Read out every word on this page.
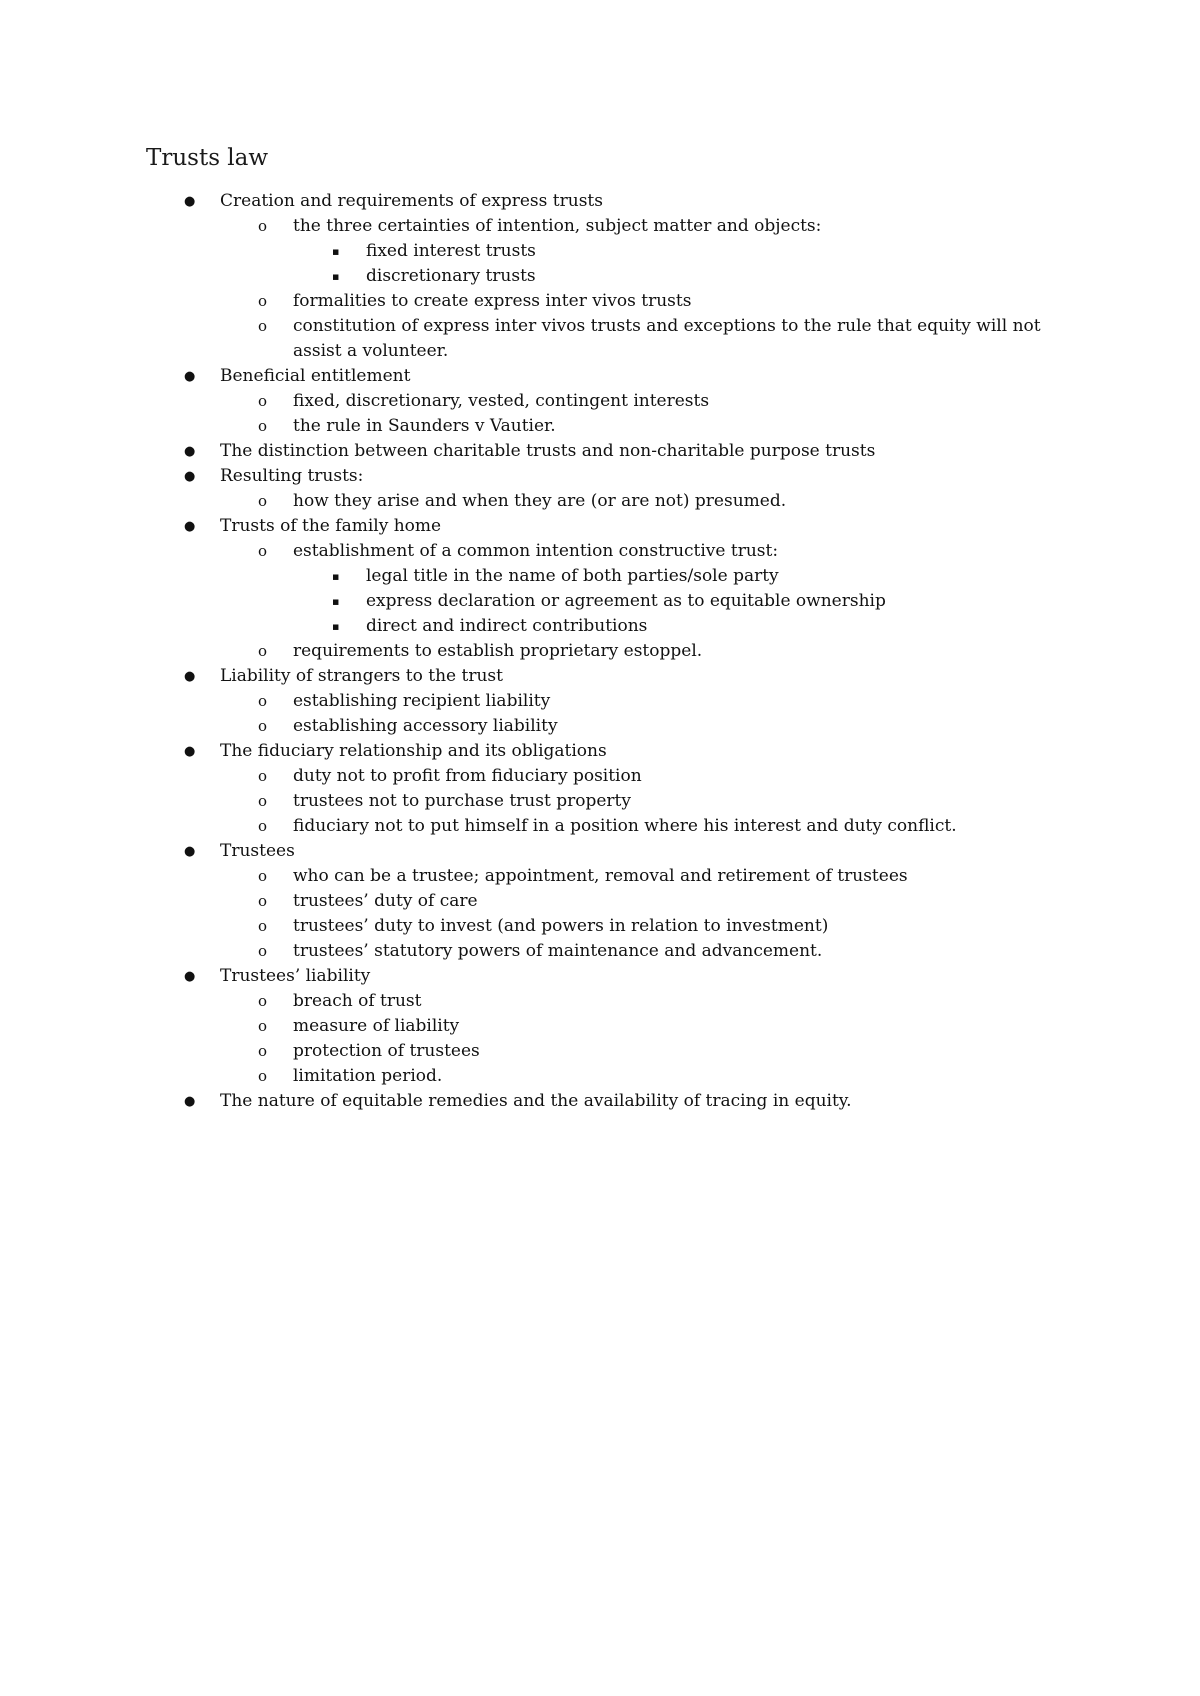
Trusts law
●	Creation and requirements of express trusts
o	the three certainties of intention, subject matter and objects:
▪	fixed interest trusts
▪	discretionary trusts
o	formalities to create express inter vivos trusts
o	constitution of express inter vivos trusts and exceptions to the rule that equity will not assist a volunteer.
●	Beneficial entitlement
o	fixed, discretionary, vested, contingent interests
o	the rule in Saunders v Vautier.
●	The distinction between charitable trusts and non-charitable purpose trusts
●	Resulting trusts:
o	how they arise and when they are (or are not) presumed.
●	Trusts of the family home
o	establishment of a common intention constructive trust:
▪	legal title in the name of both parties/sole party
▪	express declaration or agreement as to equitable ownership
▪	direct and indirect contributions
o	requirements to establish proprietary estoppel.
●	Liability of strangers to the trust
o	establishing recipient liability
o	establishing accessory liability
●	The fiduciary relationship and its obligations
o	duty not to profit from fiduciary position
o	trustees not to purchase trust property
o	fiduciary not to put himself in a position where his interest and duty conflict.
●	Trustees
o	who can be a trustee; appointment, removal and retirement of trustees
o	trustees’ duty of care
o	trustees’ duty to invest (and powers in relation to investment)
o	trustees’ statutory powers of maintenance and advancement.
●	Trustees’ liability
o	breach of trust
o	measure of liability
o	protection of trustees
o	limitation period.
●	The nature of equitable remedies and the availability of tracing in equity.
